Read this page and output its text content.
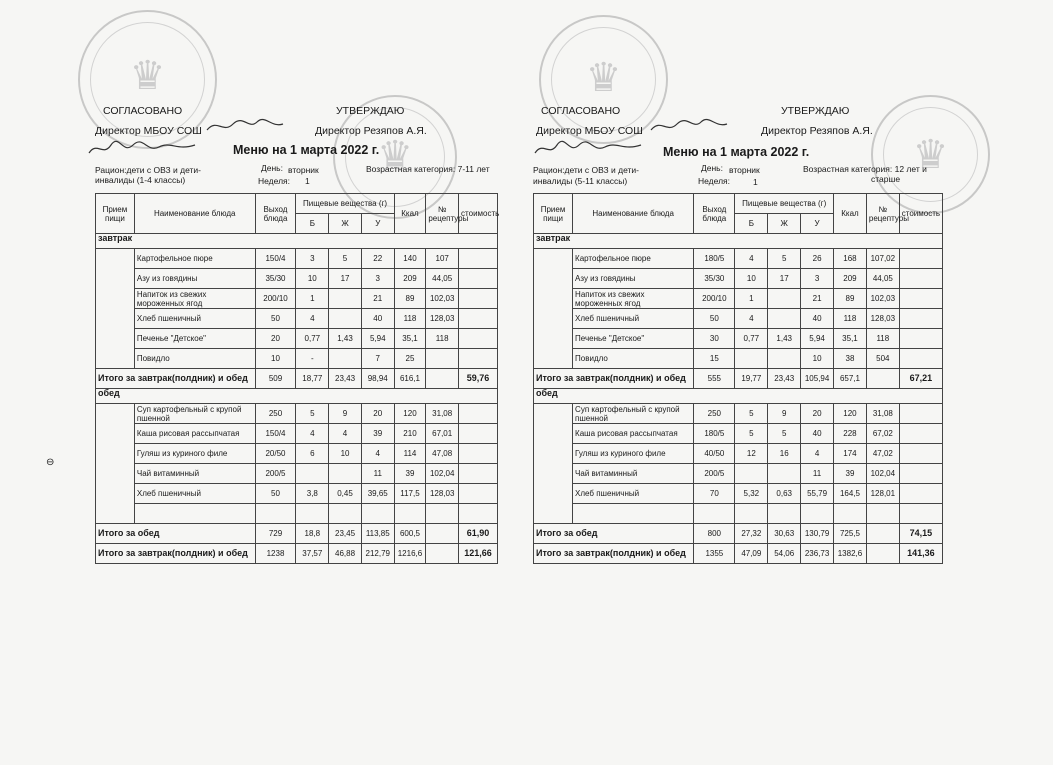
♛
♛
СОГЛАСОВАНО	УТВЕРЖДАЮ
Директор МБОУ СОШ	Директор Резяпов А.Я.
Меню на 1 марта 2022 г.
Рацион:дети с ОВЗ и дети-
инвалиды (1-4 классы)
День: вторник
Неделя: 1
Возрастная категория: 7-11 лет
Прием пищи	Наименование блюда	Выход блюда	Пищевые вещества (г)			Ккал	№ рецептуры	стоимость
			Б	Ж	У			
завтрак								
	Картофельное пюре	150/4	3	5	22	140	107	
	Азу из говядины	35/30	10	17	3	209	44,05	
	Напиток из свежих мороженных ягод	200/10	1		21	89	102,03	
	Хлеб пшеничный	50	4		40	118	128,03	
	Печенье "Детское"	20	0,77	1,43	5,94	35,1	118	
	Повидло	10	-		7	25		
Итого за завтрак(полдник) и обед		509	18,77	23,43	98,94	616,1		59,76
обед								
	Суп картофельный с крупой пшенной	250	5	9	20	120	31,08	
	Каша рисовая рассыпчатая	150/4	4	4	39	210	67,01	
	Гуляш из куриного филе	20/50	6	10	4	114	47,08	
	Чай витаминный	200/5			11	39	102,04	
	Хлеб пшеничный	50	3,8	0,45	39,65	117,5	128,03	

Итого за обед		729	18,8	23,45	113,85	600,5		61,90
Итого за завтрак(полдник) и обед		1238	37,57	46,88	212,79	1216,6		121,66
♛
♛
СОГЛАСОВАНО	УТВЕРЖДАЮ
Директор МБОУ СОШ	Директор Резяпов А.Я.
Меню на 1 марта 2022 г.
Рацион:дети с ОВЗ и дети-
инвалиды (5-11 классы)
День: вторник
Неделя:	1
Возрастная категория: 12 лет и
старше
Прием пищи	Наименование блюда	Выход блюда	Пищевые вещества (г)			Ккал	№ рецептуры	стоимость
			Б	Ж	У			
завтрак								
	Картофельное пюре	180/5	4	5	26	168	107,02	
	Азу из говядины	35/30	10	17	3	209	44,05	
	Напиток из свежих мороженных ягод	200/10	1		21	89	102,03	
	Хлеб пшеничный	50	4		40	118	128,03	
	Печенье "Детское"	30	0,77	1,43	5,94	35,1	118	
	Повидло	15			10	38	504	
Итого за завтрак(полдник) и обед		555	19,77	23,43	105,94	657,1		67,21
обед								
	Суп картофельный с крупой пшенной	250	5	9	20	120	31,08	
	Каша рисовая рассыпчатая	180/5	5	5	40	228	67,02	
	Гуляш из куриного филе	40/50	12	16	4	174	47,02	
	Чай витаминный	200/5			11	39	102,04	
	Хлеб пшеничный	70	5,32	0,63	55,79	164,5	128,01	

Итого за обед		800	27,32	30,63	130,79	725,5		74,15
Итого за завтрак(полдник) и обед		1355	47,09	54,06	236,73	1382,6		141,36
⊖
